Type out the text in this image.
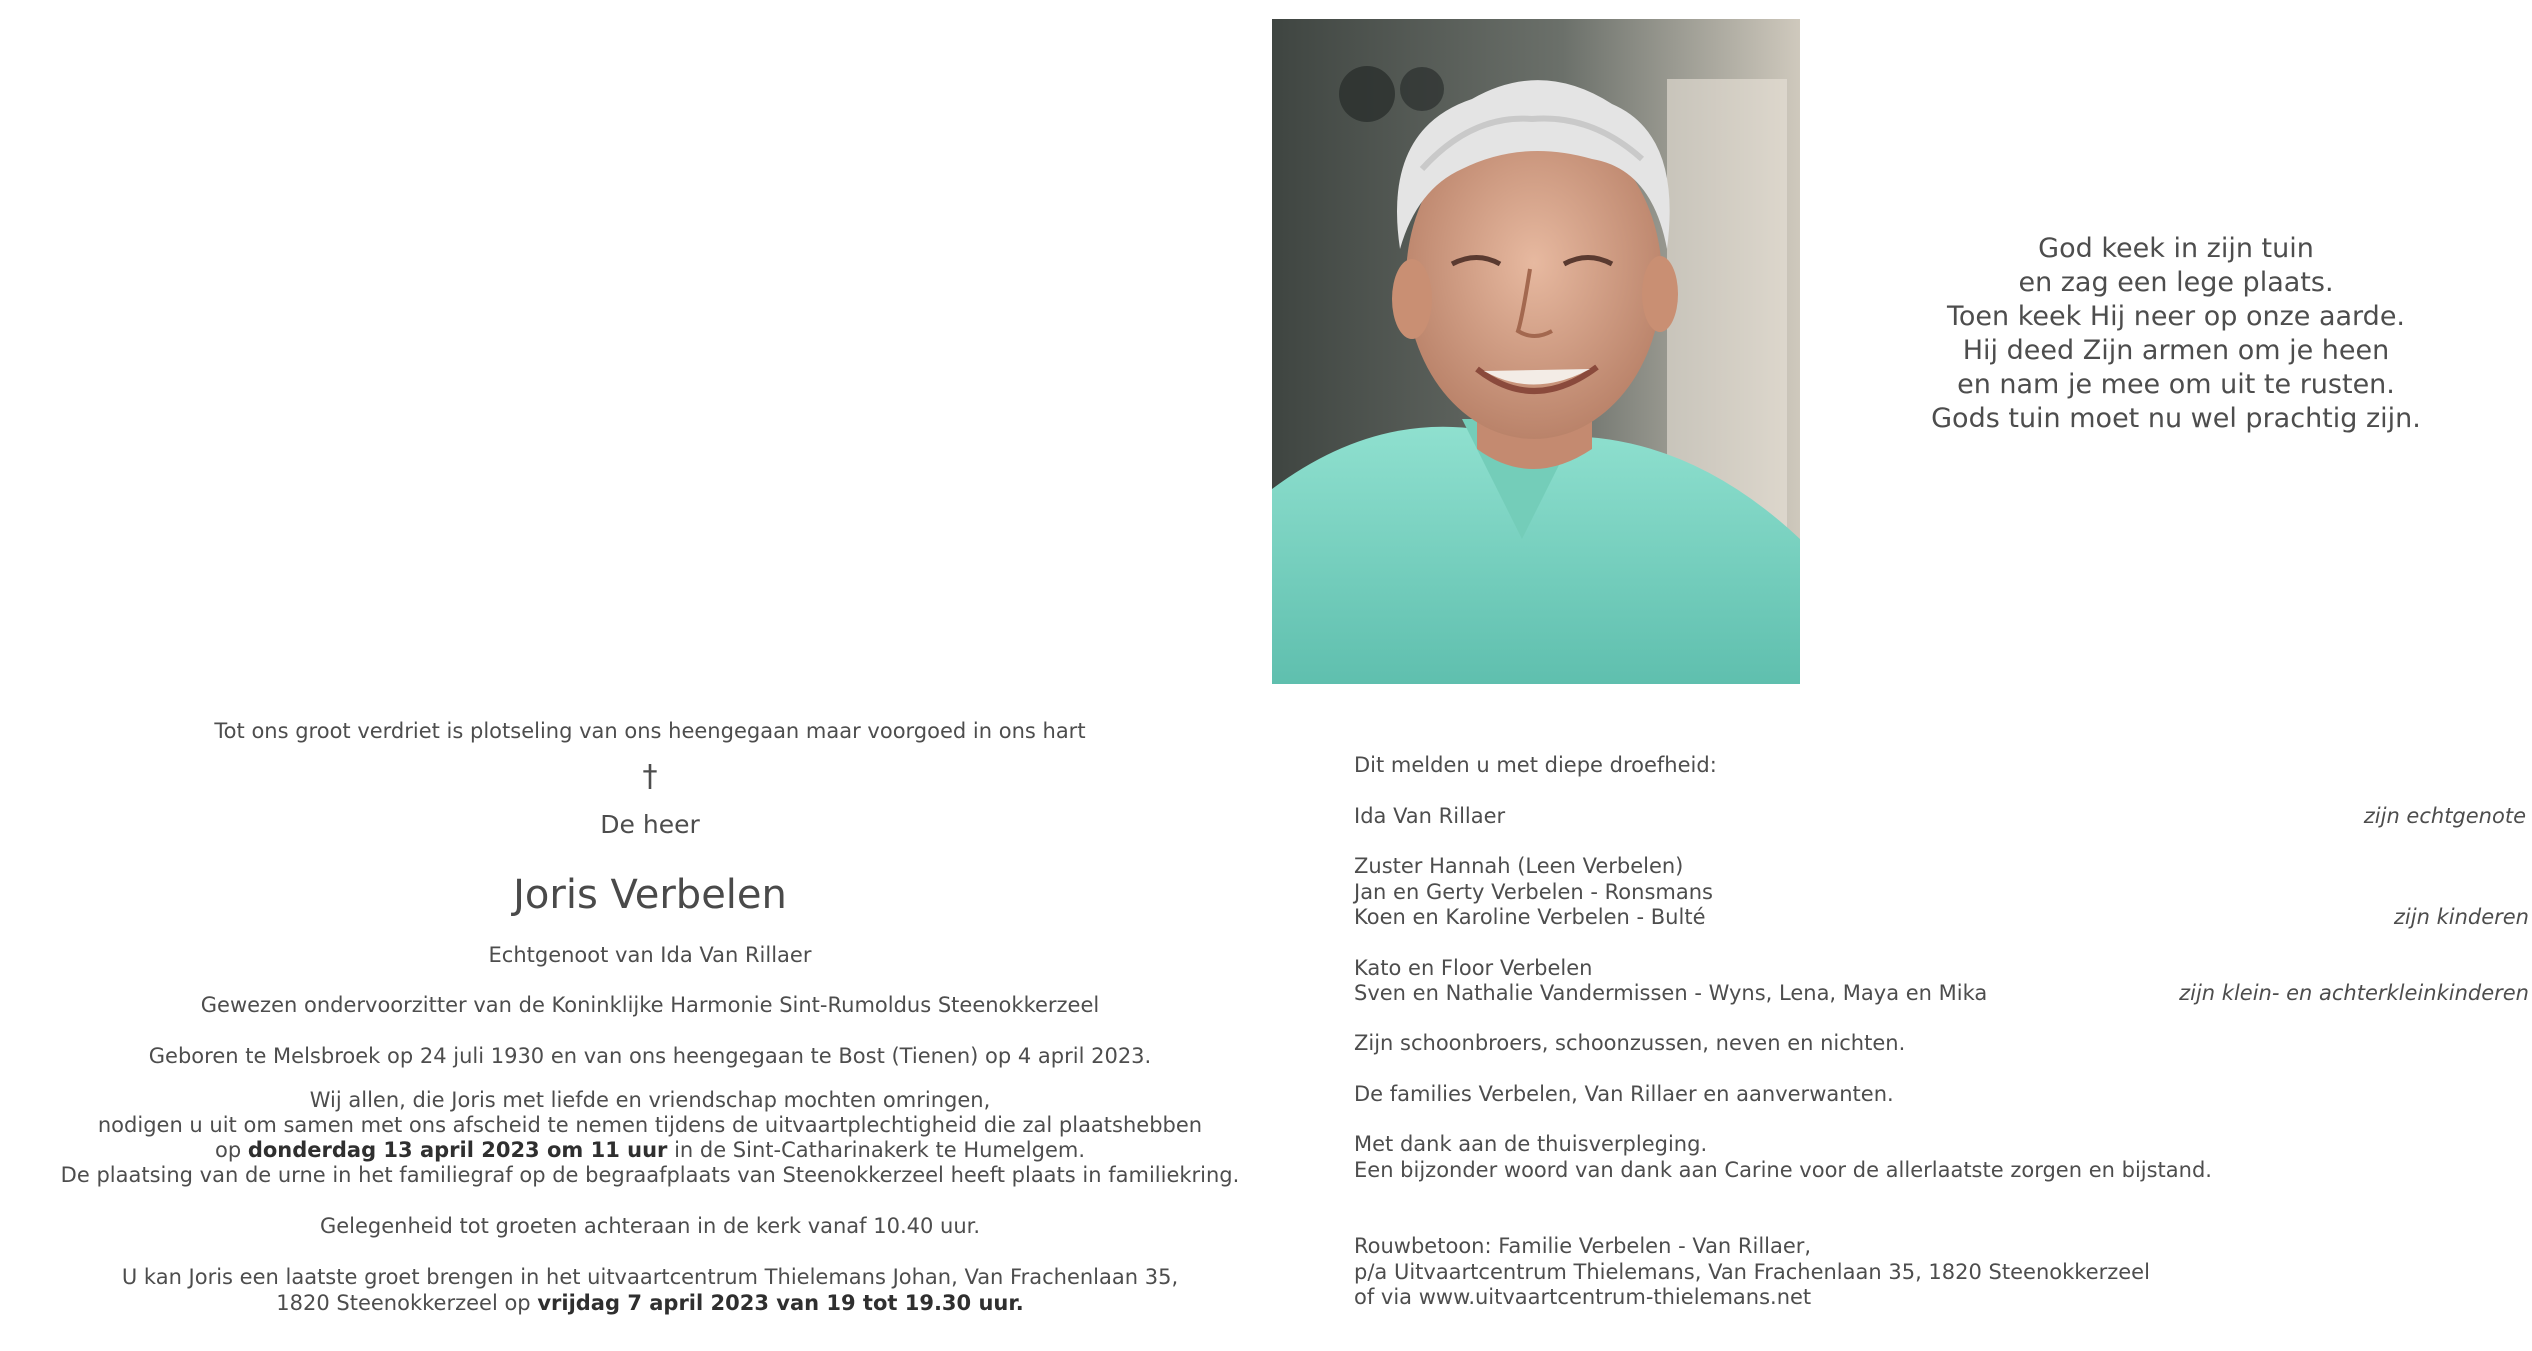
Tot ons groot verdriet is plotseling van ons heengegaan maar voorgoed in ons hart
†
De heer
Joris Verbelen
Echtgenoot van Ida Van Rillaer
Gewezen ondervoorzitter van de Koninklijke Harmonie Sint-Rumoldus Steenokkerzeel
Geboren te Melsbroek op 24 juli 1930 en van ons heengegaan te Bost (Tienen) op 4 april 2023.
Wij allen, die Joris met liefde en vriendschap mochten omringen,
nodigen u uit om samen met ons afscheid te nemen tijdens de uitvaartplechtigheid die zal plaatshebben
op donderdag 13 april 2023 om 11 uur in de Sint-Catharinakerk te Humelgem.
De plaatsing van de urne in het familiegraf op de begraafplaats van Steenokkerzeel heeft plaats in familiekring.
Gelegenheid tot groeten achteraan in de kerk vanaf 10.40 uur.
U kan Joris een laatste groet brengen in het uitvaartcentrum Thielemans Johan, Van Frachenlaan 35,
1820 Steenokkerzeel op vrijdag 7 april 2023 van 19 tot 19.30 uur.
God keek in zijn tuin
en zag een lege plaats.
Toen keek Hij neer op onze aarde.
Hij deed Zijn armen om je heen
en nam je mee om uit te rusten.
Gods tuin moet nu wel prachtig zijn.
Dit melden u met diepe droefheid:
Ida Van Rillaer	zijn echtgenote
Zuster Hannah (Leen Verbelen)
Jan en Gerty Verbelen - Ronsmans
Koen en Karoline Verbelen - Bulté	zijn kinderen
Kato en Floor Verbelen
Sven en Nathalie Vandermissen - Wyns, Lena, Maya en Mika	zijn klein- en achterkleinkinderen
Zijn schoonbroers, schoonzussen, neven en nichten.
De families Verbelen, Van Rillaer en aanverwanten.
Met dank aan de thuisverpleging.
Een bijzonder woord van dank aan Carine voor de allerlaatste zorgen en bijstand.
Rouwbetoon: Familie Verbelen - Van Rillaer,
p/a Uitvaartcentrum Thielemans, Van Frachenlaan 35, 1820 Steenokkerzeel
of via www.uitvaartcentrum-thielemans.net
